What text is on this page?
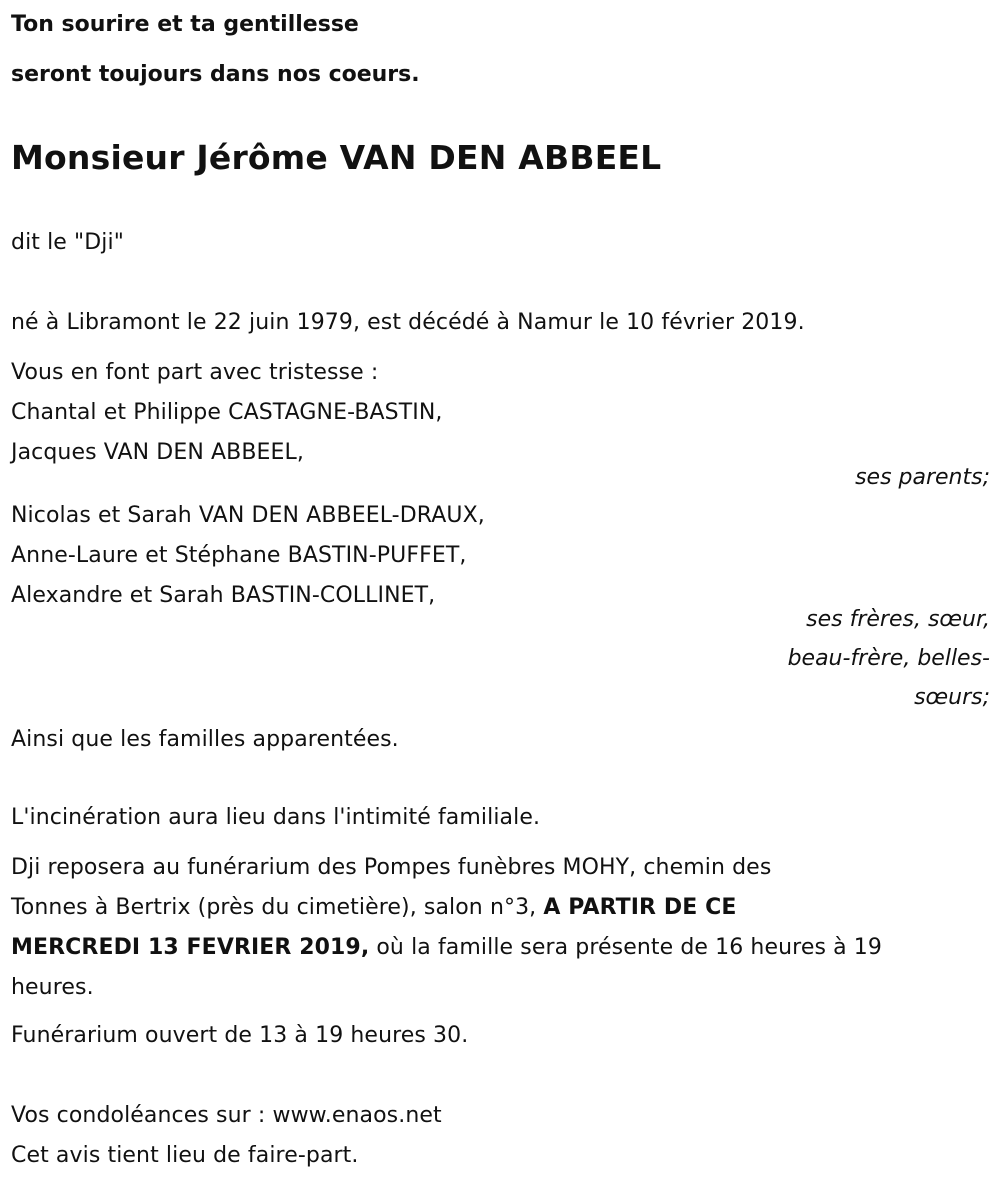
Ton sourire et ta gentillesse
seront toujours dans nos coeurs.
Monsieur Jérôme VAN DEN ABBEEL
dit le "Dji"
né à Libramont le 22 juin 1979, est décédé à Namur le 10 février 2019.
Vous en font part avec tristesse :
Chantal et Philippe CASTAGNE-BASTIN,
Jacques VAN DEN ABBEEL,
ses parents;
Nicolas et Sarah VAN DEN ABBEEL-DRAUX,
Anne-Laure et Stéphane BASTIN-PUFFET,
Alexandre et Sarah BASTIN-COLLINET,
ses frères, sœur,
beau-frère, belles-
sœurs;
Ainsi que les familles apparentées.
L'incinération aura lieu dans l'intimité familiale.
Dji reposera au funérarium des Pompes funèbres MOHY, chemin des
Tonnes à Bertrix (près du cimetière), salon n°3, A PARTIR DE CE
MERCREDI 13 FEVRIER 2019, où la famille sera présente de 16 heures à 19
heures.
Funérarium ouvert de 13 à 19 heures 30.
Vos condoléances sur : www.enaos.net
Cet avis tient lieu de faire-part.
